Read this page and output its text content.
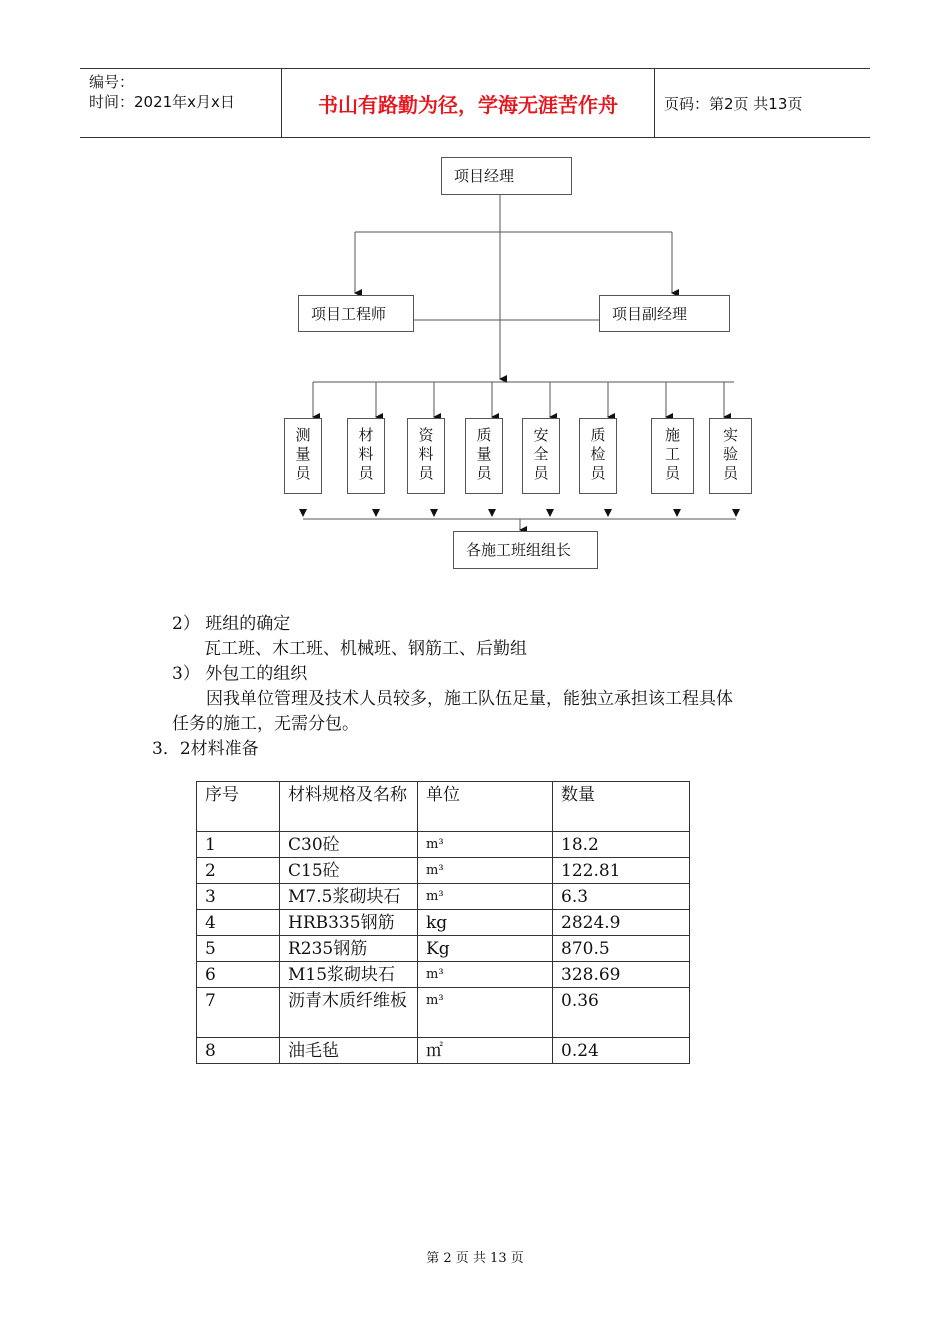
编号：
时间：2021年x月x日	书山有路勤为径，学海无涯苦作舟	页码：第2页 共13页
项目经理
项目工程师	项目副经理
测
量
员
材
料
员
资
料
员
质
量
员
安
全
员
质
检
员
施
工
员
实
验
员
各施工班组组长
2） 班组的确定
瓦工班、木工班、机械班、钢筋工、后勤组
3） 外包工的组织
因我单位管理及技术人员较多，施工队伍足量，能独立承担该工程具体
任务的施工，无需分包。
3．2材料准备
序号	材料规格及名称	单位	数量
1	C30砼	m³	18.2
2	C15砼	m³	122.81
3	M7.5浆砌块石	m³	6.3
4	HRB335钢筋	kg	2824.9
5	R235钢筋	Kg	870.5
6	M15浆砌块石	m³	328.69
7	沥青木质纤维板	m³	0.36
8	油毛毡	㎡	0.24
第 2 页 共 13 页
